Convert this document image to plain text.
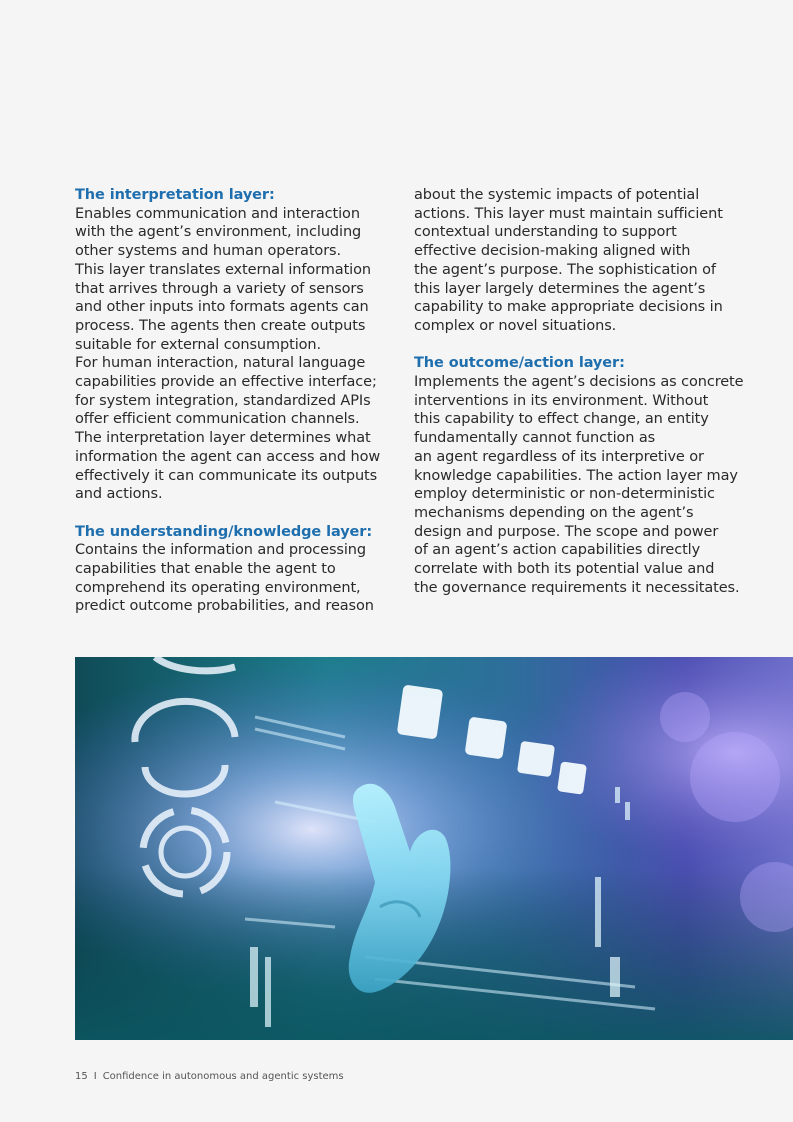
The interpretation layer:
Enables communication and interaction
with the agent’s environment, including
other systems and human operators.
This layer translates external information
that arrives through a variety of sensors
and other inputs into formats agents can
process. The agents then create outputs
suitable for external consumption.
For human interaction, natural language
capabilities provide an effective interface;
for system integration, standardized APIs
offer efficient communication channels.
The interpretation layer determines what
information the agent can access and how
effectively it can communicate its outputs
and actions.
The understanding/knowledge layer:
Contains the information and processing
capabilities that enable the agent to
comprehend its operating environment,
predict outcome probabilities, and reason
about the systemic impacts of potential
actions. This layer must maintain sufficient
contextual understanding to support
effective decision-making aligned with
the agent’s purpose. The sophistication of
this layer largely determines the agent’s
capability to make appropriate decisions in
complex or novel situations.
The outcome/action layer:
Implements the agent’s decisions as concrete
interventions in its environment. Without
this capability to effect change, an entity
fundamentally cannot function as
an agent regardless of its interpretive or
knowledge capabilities. The action layer may
employ deterministic or non-deterministic
mechanisms depending on the agent’s
design and purpose. The scope and power
of an agent’s action capabilities directly
correlate with both its potential value and
the governance requirements it necessitates.
15 I Confidence in autonomous and agentic systems
